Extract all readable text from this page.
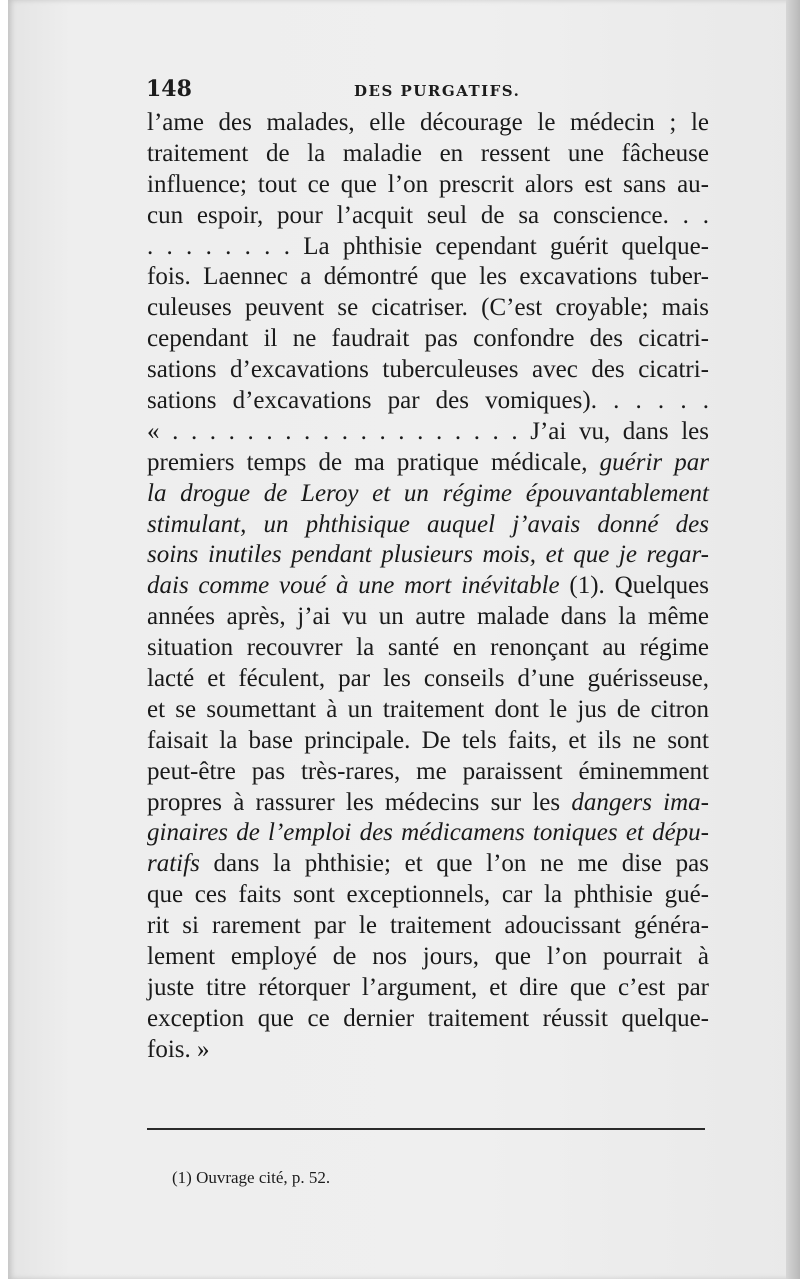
148	DES PURGATIFS.
l’ame des malades, elle décourage le médecin ; le
traitement de la maladie en ressent une fâcheuse
influence; tout ce que l’on prescrit alors est sans au-
cun espoir, pour l’acquit seul de sa conscience. . .
. . . . . . . . La phthisie cependant guérit quelque-
fois. Laennec a démontré que les excavations tuber-
culeuses peuvent se cicatriser. (C’est croyable; mais
cependant il ne faudrait pas confondre des cicatri-
sations d’excavations tuberculeuses avec des cicatri-
sations d’excavations par des vomiques). . . . . .
« . . . . . . . . . . . . . . . . . . . J’ai vu, dans les
premiers temps de ma pratique médicale, guérir par
la drogue de Leroy et un régime épouvantablement
stimulant, un phthisique auquel j’avais donné des
soins inutiles pendant plusieurs mois, et que je regar-
dais comme voué à une mort inévitable (1). Quelques
années après, j’ai vu un autre malade dans la même
situation recouvrer la santé en renonçant au régime
lacté et féculent, par les conseils d’une guérisseuse,
et se soumettant à un traitement dont le jus de citron
faisait la base principale. De tels faits, et ils ne sont
peut-être pas très-rares, me paraissent éminemment
propres à rassurer les médecins sur les dangers ima-
ginaires de l’emploi des médicamens toniques et dépu-
ratifs dans la phthisie; et que l’on ne me dise pas
que ces faits sont exceptionnels, car la phthisie gué-
rit si rarement par le traitement adoucissant généra-
lement employé de nos jours, que l’on pourrait à
juste titre rétorquer l’argument, et dire que c’est par
exception que ce dernier traitement réussit quelque-
fois. »
(1) Ouvrage cité, p. 52.
